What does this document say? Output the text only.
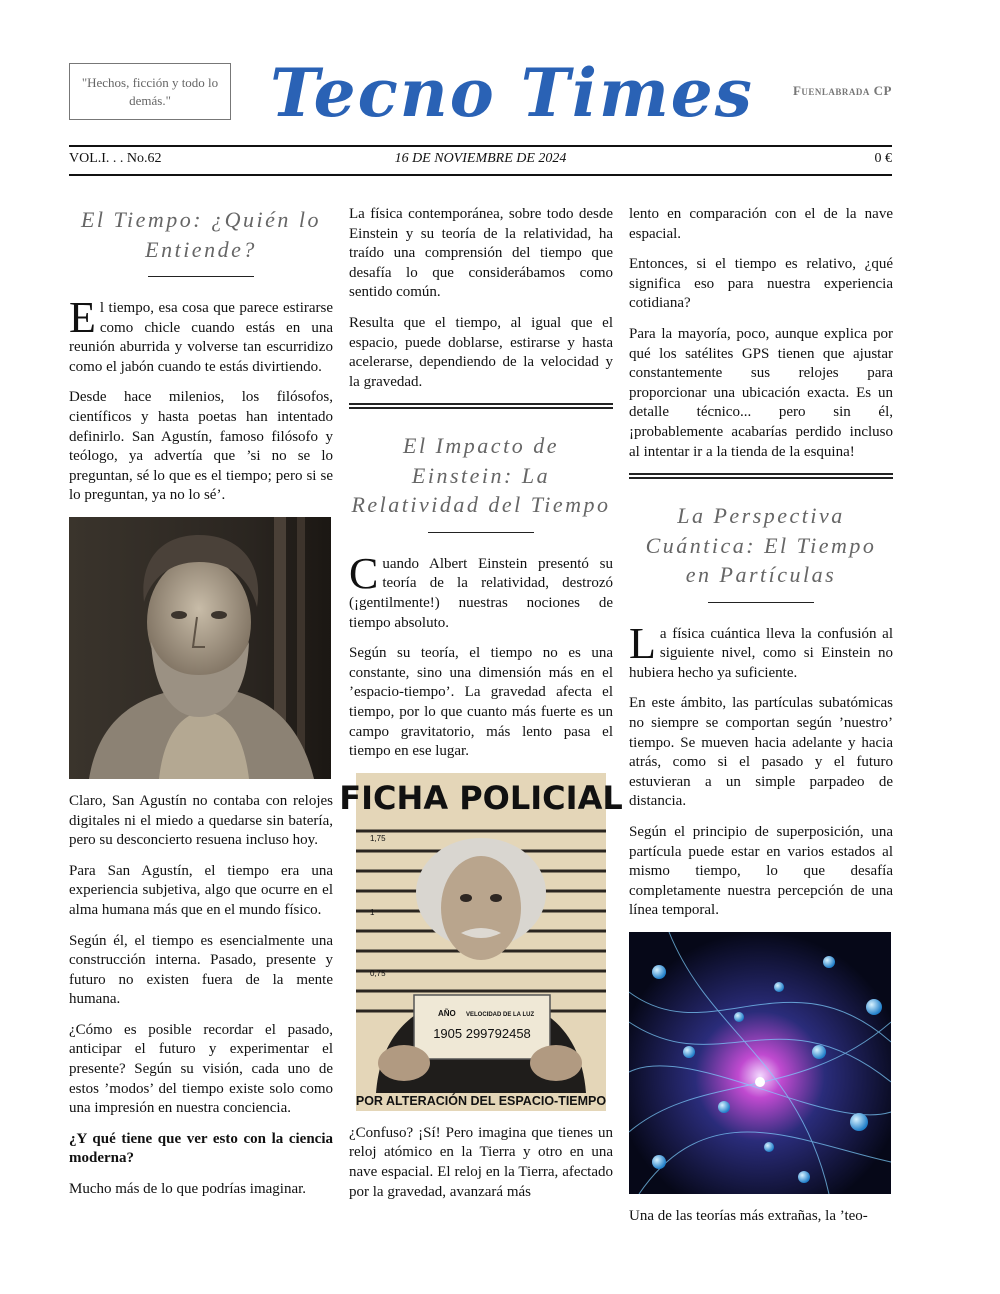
"Hechos, ficción y todo lo demás."	Tecno Times	Fuenlabrada CP
VOL.I. . . No.62	16 DE NOVIEMBRE DE 2024	0 €
El Tiempo: ¿Quién lo Entiende?

El tiempo, esa cosa que parece estirarse como chicle cuando estás en una reunión aburrida y volverse tan escurridizo como el jabón cuando te estás divirtiendo.

Desde hace milenios, los filósofos, científicos y hasta poetas han intentado definirlo. San Agustín, famoso filósofo y teólogo, ya advertía que ’si no se lo preguntan, sé lo que es el tiempo; pero si se lo preguntan, ya no lo sé’.

Claro, San Agustín no contaba con relojes digitales ni el miedo a quedarse sin batería, pero su desconcierto resuena incluso hoy.

Para San Agustín, el tiempo era una experiencia subjetiva, algo que ocurre en el alma humana más que en el mundo físico.

Según él, el tiempo es esencialmente una construcción interna. Pasado, presente y futuro no existen fuera de la mente humana.

¿Cómo es posible recordar el pasado, anticipar el futuro y experimentar el presente? Según su visión, cada uno de estos ’modos’ del tiempo existe solo como una impresión en nuestra conciencia.

¿Y qué tiene que ver esto con la ciencia moderna?

Mucho más de lo que podrías imaginar.

La física contemporánea, sobre todo desde Einstein y su teoría de la relatividad, ha traído una comprensión del tiempo que desafía lo que considerábamos como sentido común.

Resulta que el tiempo, al igual que el espacio, puede doblarse, estirarse y hasta acelerarse, dependiendo de la velocidad y la gravedad.

El Impacto de Einstein: La Relatividad del Tiempo

Cuando Albert Einstein presentó su teoría de la relatividad, destrozó (¡gentilmente!) nuestras nociones de tiempo absoluto.

Según su teoría, el tiempo no es una constante, sino una dimensión más en el ’espacio-tiempo’. La gravedad afecta el tiempo, por lo que cuanto más fuerte es un campo gravitatorio, más lento pasa el tiempo en ese lugar.

FICHA POLICIAL
1,75
1
0,75
AÑO VELOCIDAD DE LA LUZ
1905 299792458
POR ALTERACIÓN DEL ESPACIO-TIEMPO

¿Confuso? ¡Sí! Pero imagina que tienes un reloj atómico en la Tierra y otro en una nave espacial. El reloj en la Tierra, afectado por la gravedad, avanzará más

lento en comparación con el de la nave espacial.

Entonces, si el tiempo es relativo, ¿qué significa eso para nuestra experiencia cotidiana?

Para la mayoría, poco, aunque explica por qué los satélites GPS tienen que ajustar constantemente sus relojes para proporcionar una ubicación exacta. Es un detalle técnico... pero sin él, ¡probablemente acabarías perdido incluso al intentar ir a la tienda de la esquina!

La Perspectiva Cuántica: El Tiempo en Partículas

La física cuántica lleva la confusión al siguiente nivel, como si Einstein no hubiera hecho ya suficiente.

En este ámbito, las partículas subatómicas no siempre se comportan según ’nuestro’ tiempo. Se mueven hacia adelante y hacia atrás, como si el pasado y el futuro estuvieran a un simple parpadeo de distancia.

Según el principio de superposición, una partícula puede estar en varios estados al mismo tiempo, lo que desafía completamente nuestra percepción de una línea temporal.

Una de las teorías más extrañas, la ’teo-
